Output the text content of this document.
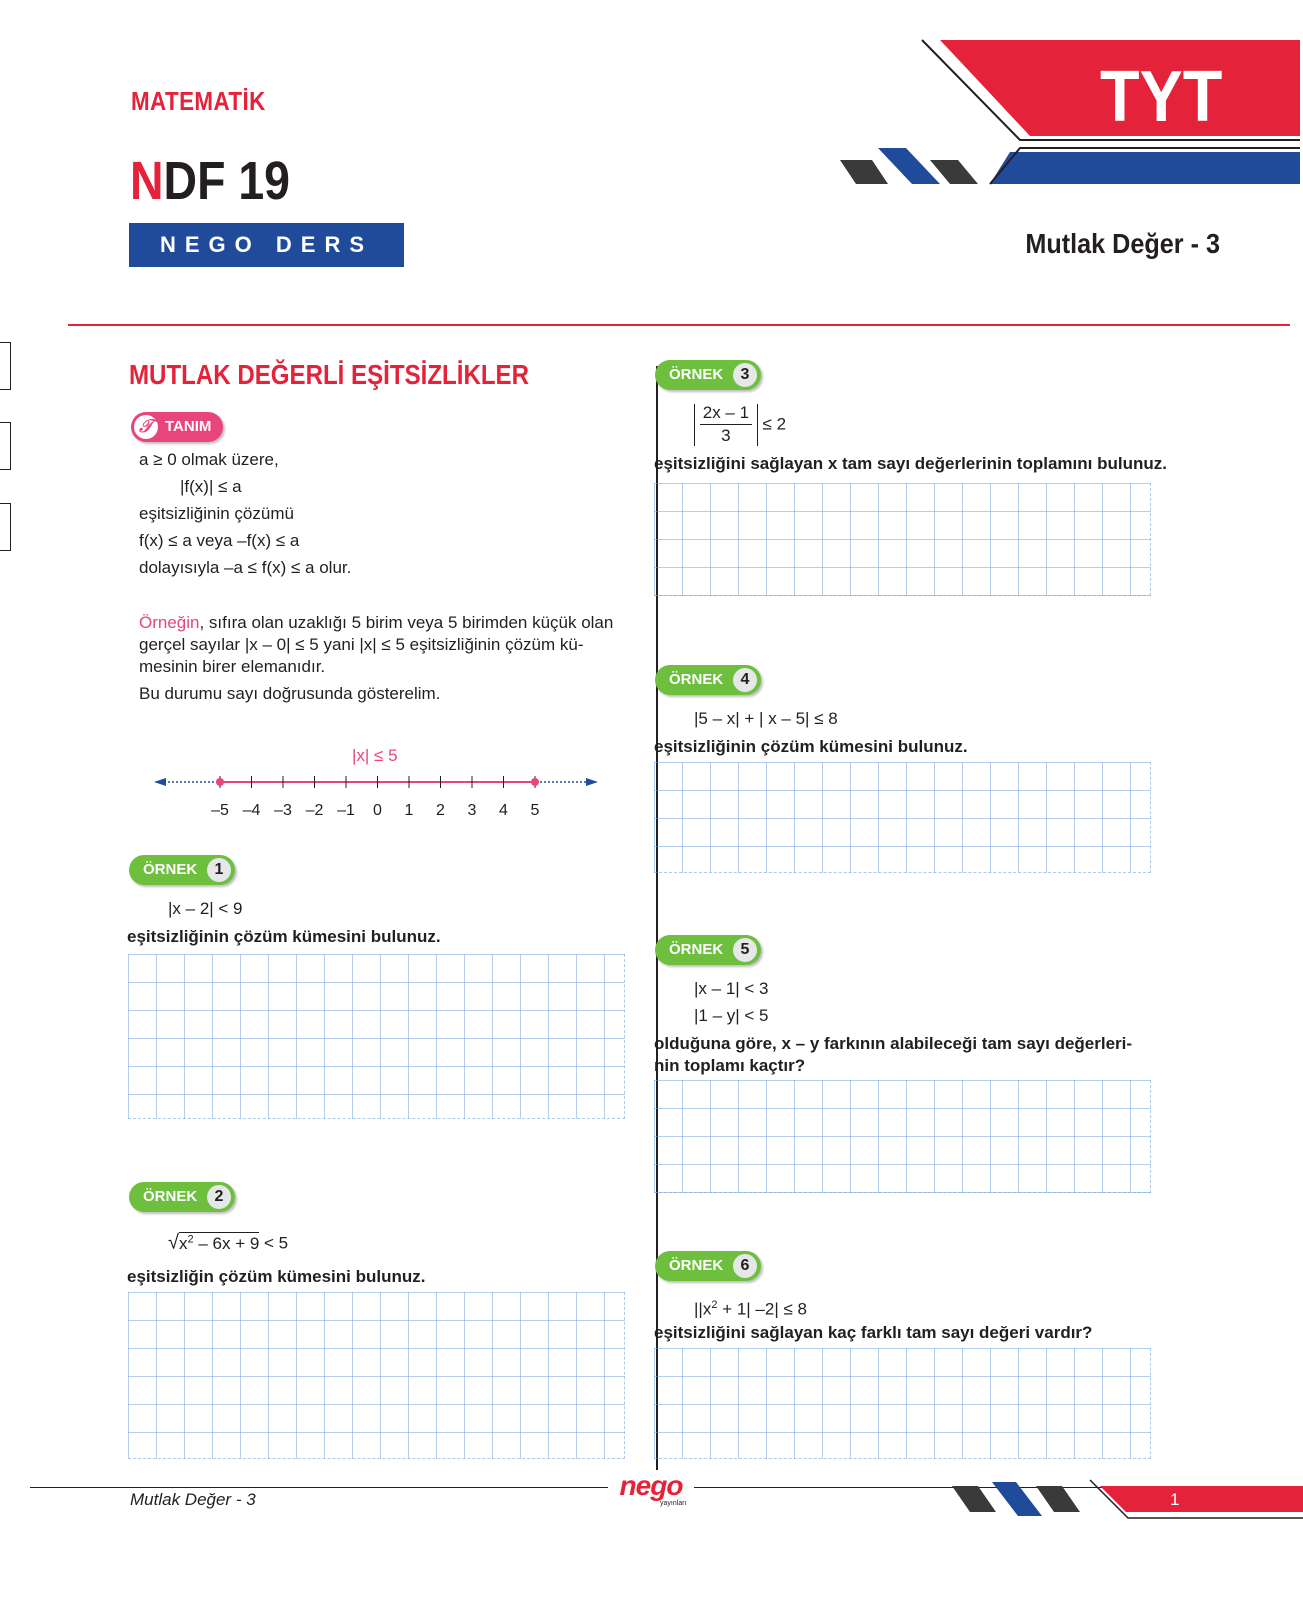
TYT
MATEMATİK
NDF 19
NEGO DERS FÖYÜ
Mutlak Değer - 3
MUTLAK DEĞERLİ EŞİTSİZLİKLER
𝒯 TANIM
a ≥ 0 olmak üzere,
|f(x)| ≤ a
eşitsizliğinin çözümü
f(x) ≤ a veya –f(x) ≤ a
dolayısıyla –a ≤ f(x) ≤ a olur.
Örneğin, sıfıra olan uzaklığı 5 birim veya 5 birimden küçük olan
gerçel sayılar |x – 0| ≤ 5 yani |x| ≤ 5 eşitsizliğinin çözüm kü-
mesinin birer elemanıdır.
Bu durumu sayı doğrusunda gösterelim.
|x| ≤ 5
–5 –4 –3 –2 –1 0 1 2 3 4 5
ÖRNEK	1
|x – 2| < 9
eşitsizliğinin çözüm kümesini bulunuz.
ÖRNEK	2
$√x^2 - 6x + 9 < 5$
eşitsizliğin çözüm kümesini bulunuz.
ÖRNEK	3

$\frac{2x - 1}{3} \le 2$
eşitsizliğini sağlayan x tam sayı değerlerinin toplamını bulunuz.
ÖRNEK	4
|5 – x| + | x – 5| ≤ 8
eşitsizliğinin çözüm kümesini bulunuz.
ÖRNEK	5
|x – 1| < 3
|1 – y| < 5
olduğuna göre, x – y farkının alabileceği tam sayı değerleri-
nin toplamı kaçtır?
ÖRNEK	6
$||x^2 + 1|$ –2| ≤ 8
eşitsizliğini sağlayan kaç farklı tam sayı değeri vardır?
Mutlak Değer - 3	nego
yayınları	1
